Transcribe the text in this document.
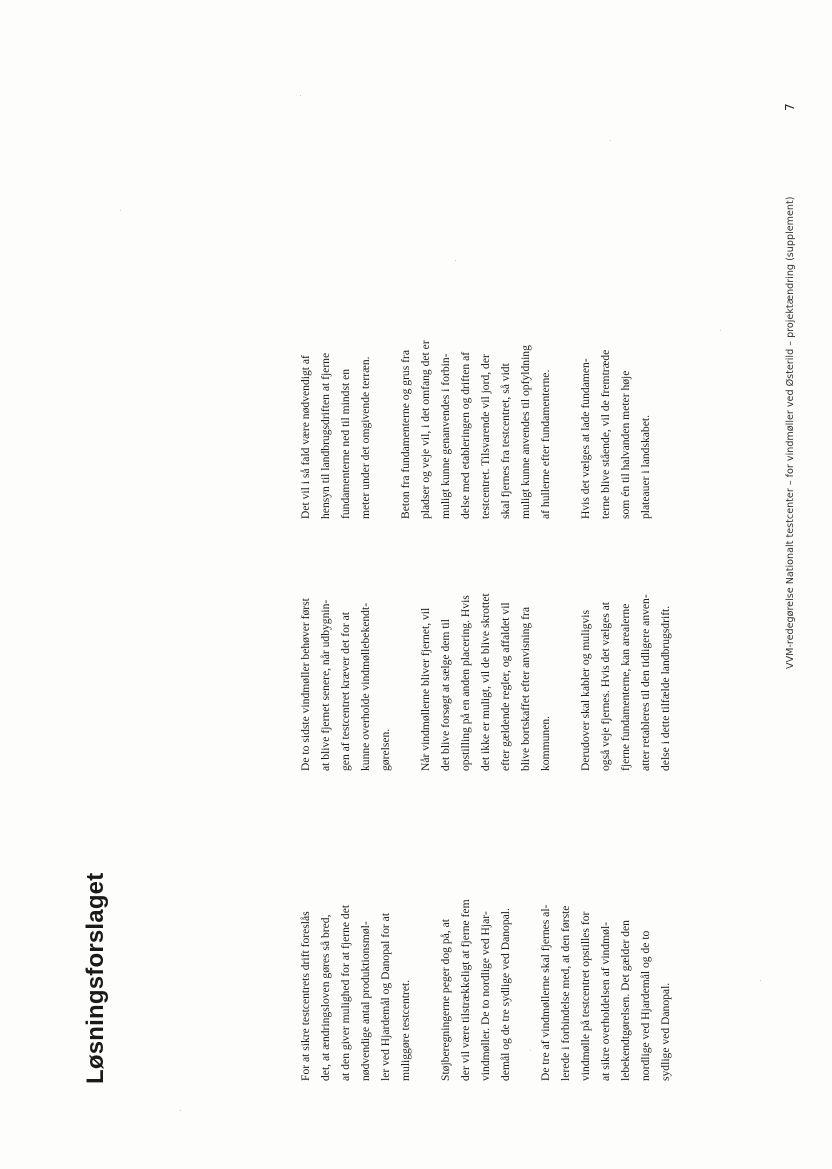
Løsningsforslaget	For at sikre testcentrets drift foreslås
det, at ændringsloven gøres så bred,
at den giver mulighed for at fjerne det
nødvendige antal produktionsmøl-
ler ved Hjardemål og Danopal for at
muliggøre testcentret.	Støjberegningerne peger dog på, at
der vil være tilstrækkeligt at fjerne fem
vindmøller. De to nordlige ved Hjar-
demål og de tre sydlige ved Danopal.

De tre af vindmøllerne skal fjernes al-
lerede i forbindelse med, at den første
vindmølle på testcentret opstilles for
at sikre overholdelsen af vindmøl-
lebekendtgørelsen. Det gælder den
nordlige ved Hjardemål og de to
sydlige ved Danopal.

De to sidste vindmøller behøver først
at blive fjernet senere, når udbygnin-
gen af testcentret kræver det for at
kunne overholde vindmøllebekendt-
gørelsen.	Når vindmøllerne bliver fjernet, vil
det blive forsøgt at sælge dem til
opstilling på en anden placering. Hvis
det ikke er muligt, vil de blive skrottet
efter gældende regler, og affaldet vil
blive bortskaffet efter anvisning fra
kommunen.	Derudover skal kabler og muligvis
også veje fjernes. Hvis det vælges at
fjerne fundamenterne, kan arealerne
atter retableres til den tidligere anven-
delse i dette tilfælde landbrugsdrift.

Det vil i så fald være nødvendigt af
hensyn til landbrugsdriften at fjerne
fundamenterne ned til mindst en
meter under det omgivende terræn.

Beton fra fundamenterne og grus fra
pladser og veje vil, i det omfang det er
muligt kunne genanvendes i forbin-
delse med etableringen og driften af
testcentret. Tilsvarende vil jord, der
skal fjernes fra testcentret, så vidt
muligt kunne anvendes til opfyldning
af hullerne efter fundamenterne.

Hvis det vælges at lade fundamen-
terne blive stående, vil de fremtræde
som én til halvanden meter høje
plateauer i landskabet.	VVM-redegørelse Nationalt testcenter – for vindmøller ved Østerild – projektændring (supplement)
7
